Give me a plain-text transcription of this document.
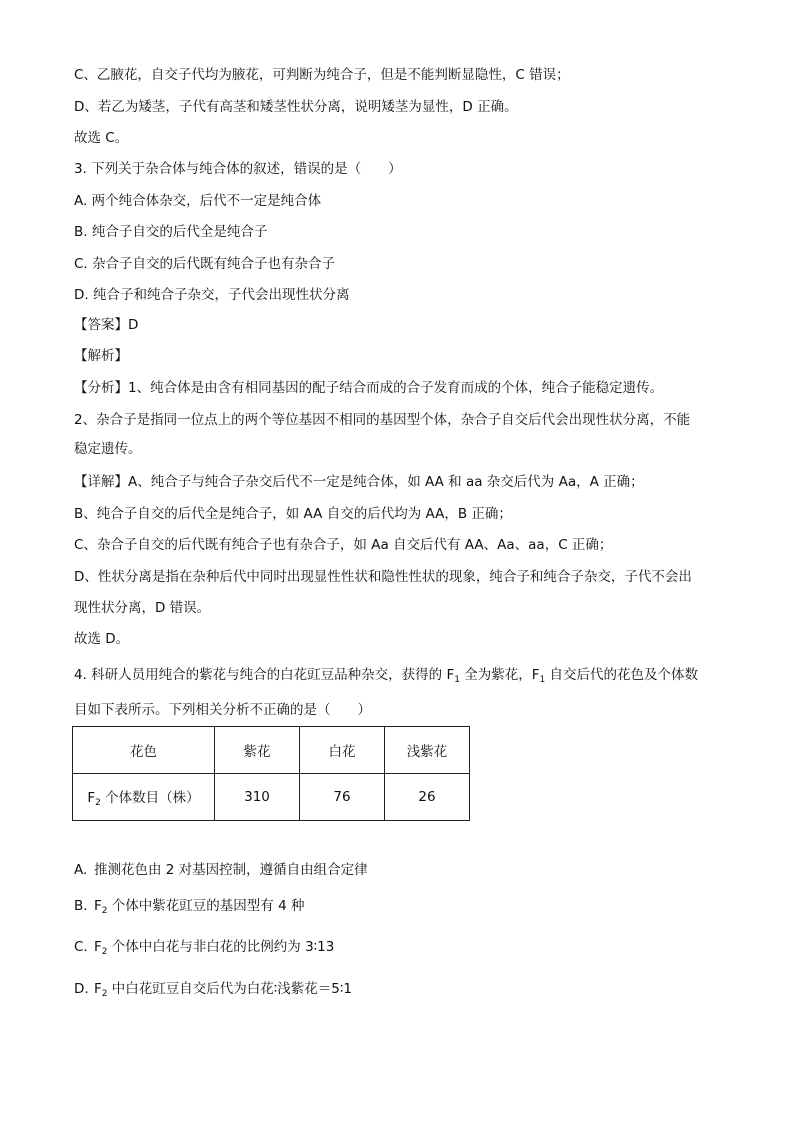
C、乙腋花，自交子代均为腋花，可判断为纯合子，但是不能判断显隐性，C 错误；
D、若乙为矮茎，子代有高茎和矮茎性状分离，说明矮茎为显性，D 正确。
故选 C。
3. 下列关于杂合体与纯合体的叙述，错误的是（　　）
A. 两个纯合体杂交，后代不一定是纯合体
B. 纯合子自交的后代全是纯合子
C. 杂合子自交的后代既有纯合子也有杂合子
D. 纯合子和纯合子杂交，子代会出现性状分离
【答案】D
【解析】
【分析】1、纯合体是由含有相同基因的配子结合而成的合子发育而成的个体，纯合子能稳定遗传。
2、杂合子是指同一位点上的两个等位基因不相同的基因型个体，杂合子自交后代会出现性状分离，不能
稳定遗传。
【详解】A、纯合子与纯合子杂交后代不一定是纯合体，如 AA 和 aa 杂交后代为 Aa，A 正确；
B、纯合子自交的后代全是纯合子，如 AA 自交的后代均为 AA，B 正确；
C、杂合子自交的后代既有纯合子也有杂合子，如 Aa 自交后代有 AA、Aa、aa，C 正确；
D、性状分离是指在杂种后代中同时出现显性性状和隐性性状的现象，纯合子和纯合子杂交，子代不会出
现性状分离，D 错误。
故选 D。
4. 科研人员用纯合的紫花与纯合的白花豇豆品种杂交，获得的 $F_1$ 全为紫花，$F_1$ 自交后代的花色及个体数
目如下表所示。下列相关分析不正确的是（　　）
花色	紫花	白花	浅紫花
$F_2$ 个体数目（株）	310	76	26
A. 推测花色由 2 对基因控制，遵循自由组合定律
B. $F_2$ 个体中紫花豇豆的基因型有 4 种
C. $F_2$ 个体中白花与非白花的比例约为 3∶13
D. $F_2$ 中白花豇豆自交后代为白花∶浅紫花＝5∶1
